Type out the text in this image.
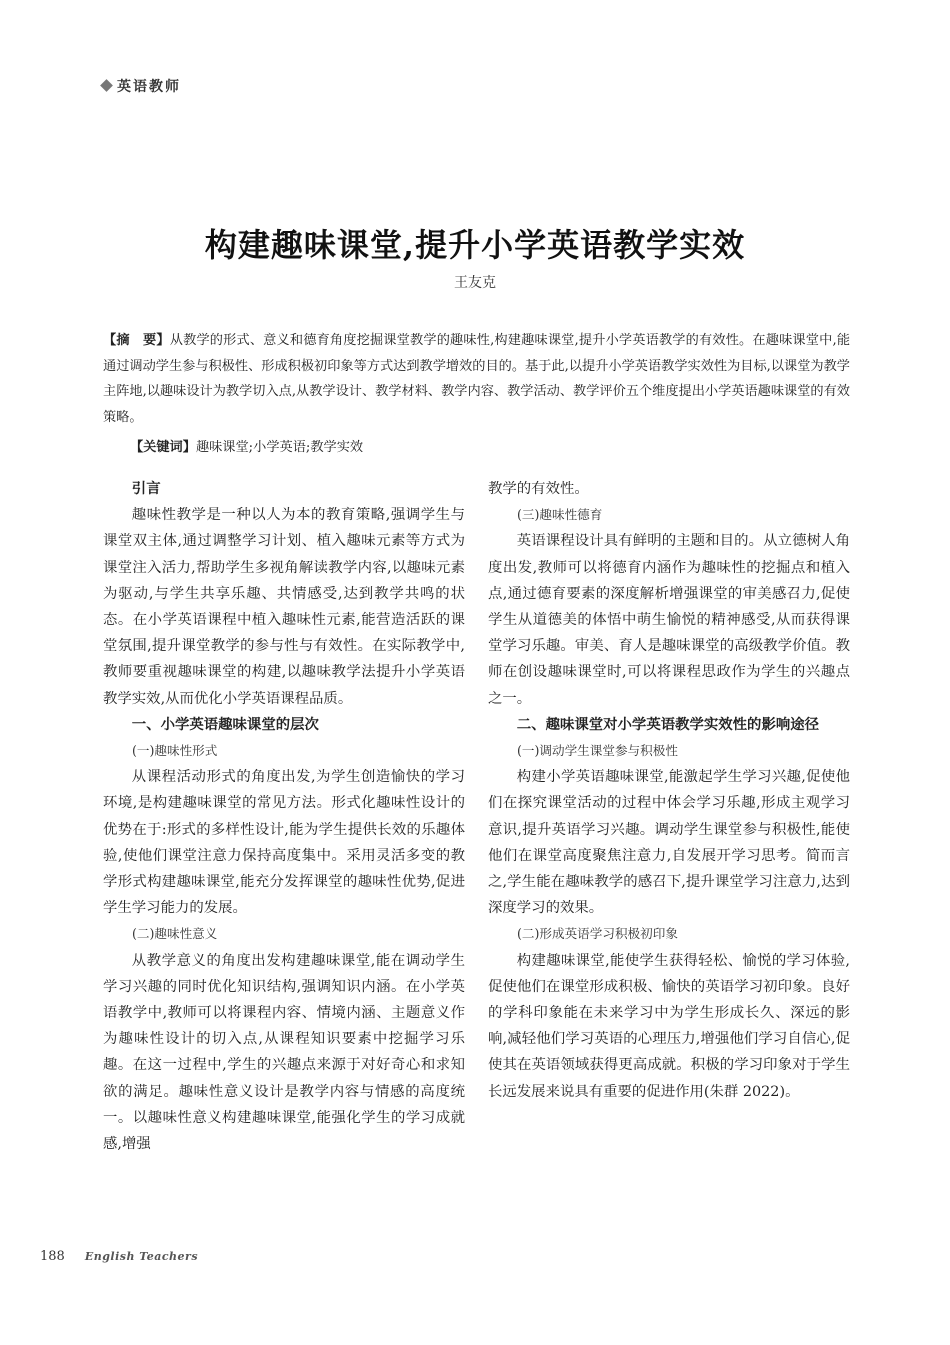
英语教师
构建趣味课堂,提升小学英语教学实效
王友克
【摘　要】从教学的形式、意义和德育角度挖掘课堂教学的趣味性,构建趣味课堂,提升小学英语教学的有效性。在趣味课堂中,能通过调动学生参与积极性、形成积极初印象等方式达到教学增效的目的。基于此,以提升小学英语教学实效性为目标,以课堂为教学主阵地,以趣味设计为教学切入点,从教学设计、教学材料、教学内容、教学活动、教学评价五个维度提出小学英语趣味课堂的有效策略。
【关键词】趣味课堂;小学英语;教学实效
引言

趣味性教学是一种以人为本的教育策略,强调学生与课堂双主体,通过调整学习计划、植入趣味元素等方式为课堂注入活力,帮助学生多视角解读教学内容,以趣味元素为驱动,与学生共享乐趣、共情感受,达到教学共鸣的状态。在小学英语课程中植入趣味性元素,能营造活跃的课堂氛围,提升课堂教学的参与性与有效性。在实际教学中,教师要重视趣味课堂的构建,以趣味教学法提升小学英语教学实效,从而优化小学英语课程品质。

一、小学英语趣味课堂的层次
(一)趣味性形式

从课程活动形式的角度出发,为学生创造愉快的学习环境,是构建趣味课堂的常见方法。形式化趣味性设计的优势在于:形式的多样性设计,能为学生提供长效的乐趣体验,使他们课堂注意力保持高度集中。采用灵活多变的教学形式构建趣味课堂,能充分发挥课堂的趣味性优势,促进学生学习能力的发展。

(二)趣味性意义

从教学意义的角度出发构建趣味课堂,能在调动学生学习兴趣的同时优化知识结构,强调知识内涵。在小学英语教学中,教师可以将课程内容、情境内涵、主题意义作为趣味性设计的切入点,从课程知识要素中挖掘学习乐趣。在这一过程中,学生的兴趣点来源于对好奇心和求知欲的满足。趣味性意义设计是教学内容与情感的高度统一。以趣味性意义构建趣味课堂,能强化学生的学习成就感,增强

教学的有效性。

(三)趣味性德育

英语课程设计具有鲜明的主题和目的。从立德树人角度出发,教师可以将德育内涵作为趣味性的挖掘点和植入点,通过德育要素的深度解析增强课堂的审美感召力,促使学生从道德美的体悟中萌生愉悦的精神感受,从而获得课堂学习乐趣。审美、育人是趣味课堂的高级教学价值。教师在创设趣味课堂时,可以将课程思政作为学生的兴趣点之一。

二、趣味课堂对小学英语教学实效性的影响途径
(一)调动学生课堂参与积极性

构建小学英语趣味课堂,能激起学生学习兴趣,促使他们在探究课堂活动的过程中体会学习乐趣,形成主观学习意识,提升英语学习兴趣。调动学生课堂参与积极性,能使他们在课堂高度聚焦注意力,自发展开学习思考。简而言之,学生能在趣味教学的感召下,提升课堂学习注意力,达到深度学习的效果。

(二)形成英语学习积极初印象

构建趣味课堂,能使学生获得轻松、愉悦的学习体验,促使他们在课堂形成积极、愉快的英语学习初印象。良好的学科印象能在未来学习中为学生形成长久、深远的影响,减轻他们学习英语的心理压力,增强他们学习自信心,促使其在英语领域获得更高成就。积极的学习印象对于学生长远发展来说具有重要的促进作用(朱群 2022)。

188 English Teachers
